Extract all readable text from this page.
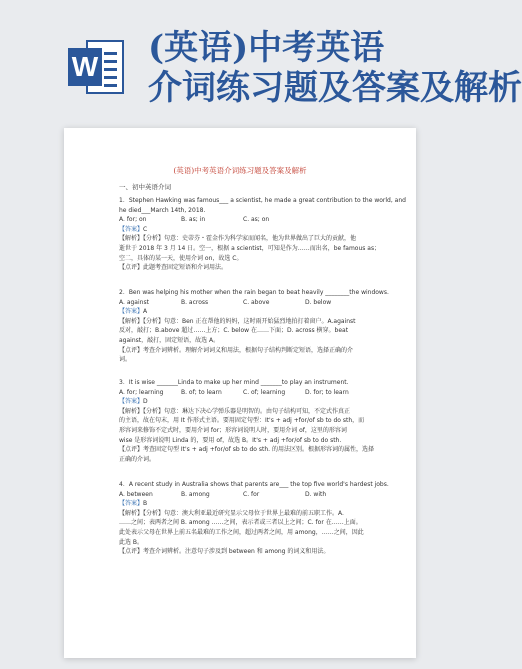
W (英语)中考英语
介词练习题及答案及解析
(英语)中考英语介词练习题及答案及解析
一、初中英语介词
1．Stephen Hawking was famous___ a scientist, he made a great contribution to the world, and
he died___March 14th, 2018.
A. for; on	B. as; in	C. as; on
【答案】C
【解析】【分析】句意：史蒂芬・霍金作为科学家而闻名，他为世界做出了巨大的贡献，他
逝世于 2018 年 3 月 14 日。空一，根据 a scientist，可知是作为……而出名，be famous as；
空二，具体的某一天，使用介词 on，故选 C。
【点评】此题考查固定短语和介词用法。
2．Ben was helping his mother when the rain began to beat heavily ________the windows.
A. against	B. across	C. above	D. below
【答案】A
【解析】【分析】句意：Ben 正在帮他的妈妈，这时雨开始猛烈地拍打着窗户。A.against
反对，敲打；B.above 超过……上方；C. below 在……下面；D. across 横穿。beat
against，敲打，固定短语，故选 A。
【点评】考查介词辨析。理解介词词义和用法，根据句子结构判断定短语，选择正确的介
词。
3．It is wise _______Linda to make up her mind _______to play an instrument.
A. for; learning	B. of; to learn	C. of; learning	D. for; to learn
【答案】D
【解析】【分析】句意：琳达下决心学弹乐器是明智的。由句子结构可知，不定式作真正
的主语，故在句末，用 It 作形式主语。要用固定句型：It's + adj +for/of sb to do sth，而
形容词来修饰不定式时，要用介词 for；形容词说明人时，要用介词 of，这里的形容词
wise 是形容词说明 Linda 的，要用 of，故选 B。It's + adj +for/of sb to do sth.
【点评】考查固定句型 It's + adj +for/of sb to do sth. 的用法区别。根据形容词的属性，选择
正确的介词。
4．A recent study in Australia shows that parents are___ the top five world's hardest jobs.
A. between	B. among	C. for	D. with
【答案】B
【解析】【分析】句意：澳大利亚最近研究显示父母位于世界上最难的前五职工作。A.
……之间；表两者之间 B. among ……之间，表示者或三者以上之间；C. for 在……上面。
此处表示父母在世界上前五名最难的工作之间，超过两者之间，用 among，……之间，因此
此选 B。
【点评】考查介词辨析。注意句子涉及到 between 和 among 的词义和用法。
